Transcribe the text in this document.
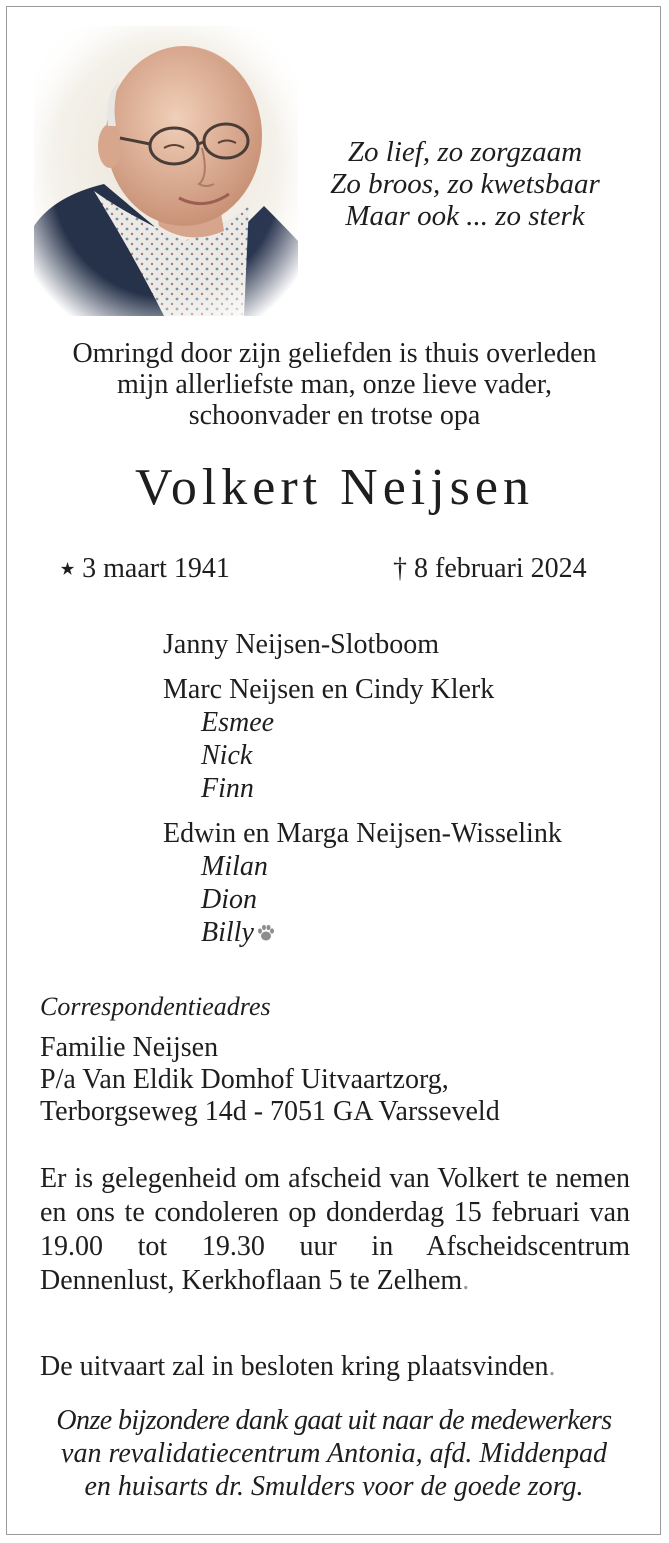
Zo lief, zo zorgzaam
Zo broos, zo kwetsbaar
Maar ook ... zo sterk
Omringd door zijn geliefden is thuis overleden
mijn allerliefste man, onze lieve vader,
schoonvader en trotse opa
Volkert Neijsen
⭑ 3 maart 1941	† 8 februari 2024
Janny Neijsen-Slotboom
Marc Neijsen en Cindy Klerk
Esmee
Nick
Finn
Edwin en Marga Neijsen-Wisselink
Milan
Dion
Billy
Correspondentieadres
Familie Neijsen
P/a Van Eldik Domhof Uitvaartzorg,
Terborgseweg 14d - 7051 GA Varsseveld
Er is gelegenheid om afscheid van Volkert te nemen en ons te condoleren op donderdag 15 februari van 19.00 tot 19.30 uur in Afscheidscentrum Dennenlust, Kerkhoflaan 5 te Zelhem.
De uitvaart zal in besloten kring plaatsvinden.
Onze bijzondere dank gaat uit naar de medewerkers
van revalidatiecentrum Antonia, afd. Middenpad
en huisarts dr. Smulders voor de goede zorg.
